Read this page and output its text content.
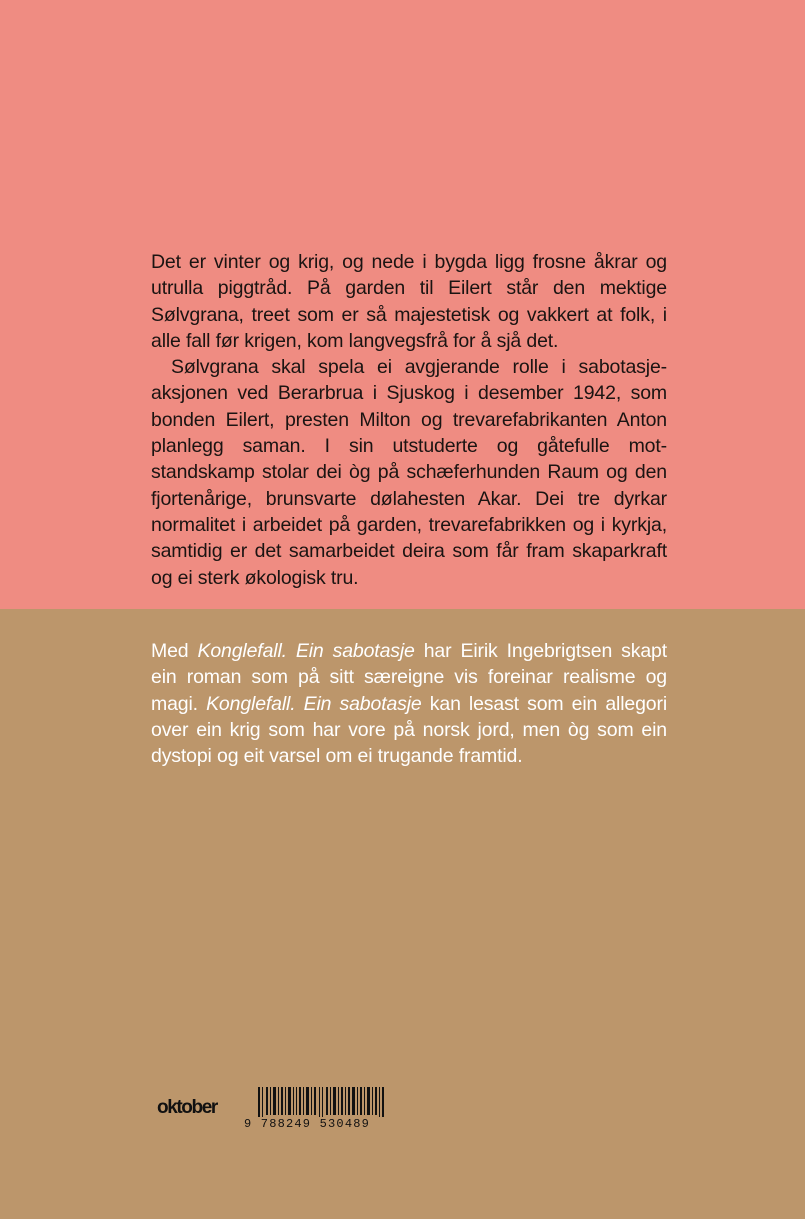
Det er vinter og krig, og nede i bygda ligg frosne åkrar og utrulla piggtråd. På garden til Eilert står den mektige Sølvgrana, treet som er så majestetisk og vakkert at folk, i alle fall før krigen, kom langvegsfrå for å sjå det.

Sølvgrana skal spela ei avgjerande rolle i sabotasje-aksjonen ved Berarbrua i Sjuskog i desember 1942, som bonden Eilert, presten Milton og trevarefabrikanten Anton planlegg saman. I sin utstuderte og gåtefulle mot-standskamp stolar dei òg på schæferhunden Raum og den fjortenårige, brunsvarte dølahesten Akar. Dei tre dyrkar normalitet i arbeidet på garden, trevarefabrikken og i kyrkja, samtidig er det samarbeidet deira som får fram skaparkraft og ei sterk økologisk tru.

Med Konglefall. Ein sabotasje har Eirik Ingebrigtsen skapt ein roman som på sitt særeigne vis foreinar realisme og magi. Konglefall. Ein sabotasje kan lesast som ein allegori over ein krig som har vore på norsk jord, men òg som ein dystopi og eit varsel om ei trugande framtid.
oktober
9 788249 530489
